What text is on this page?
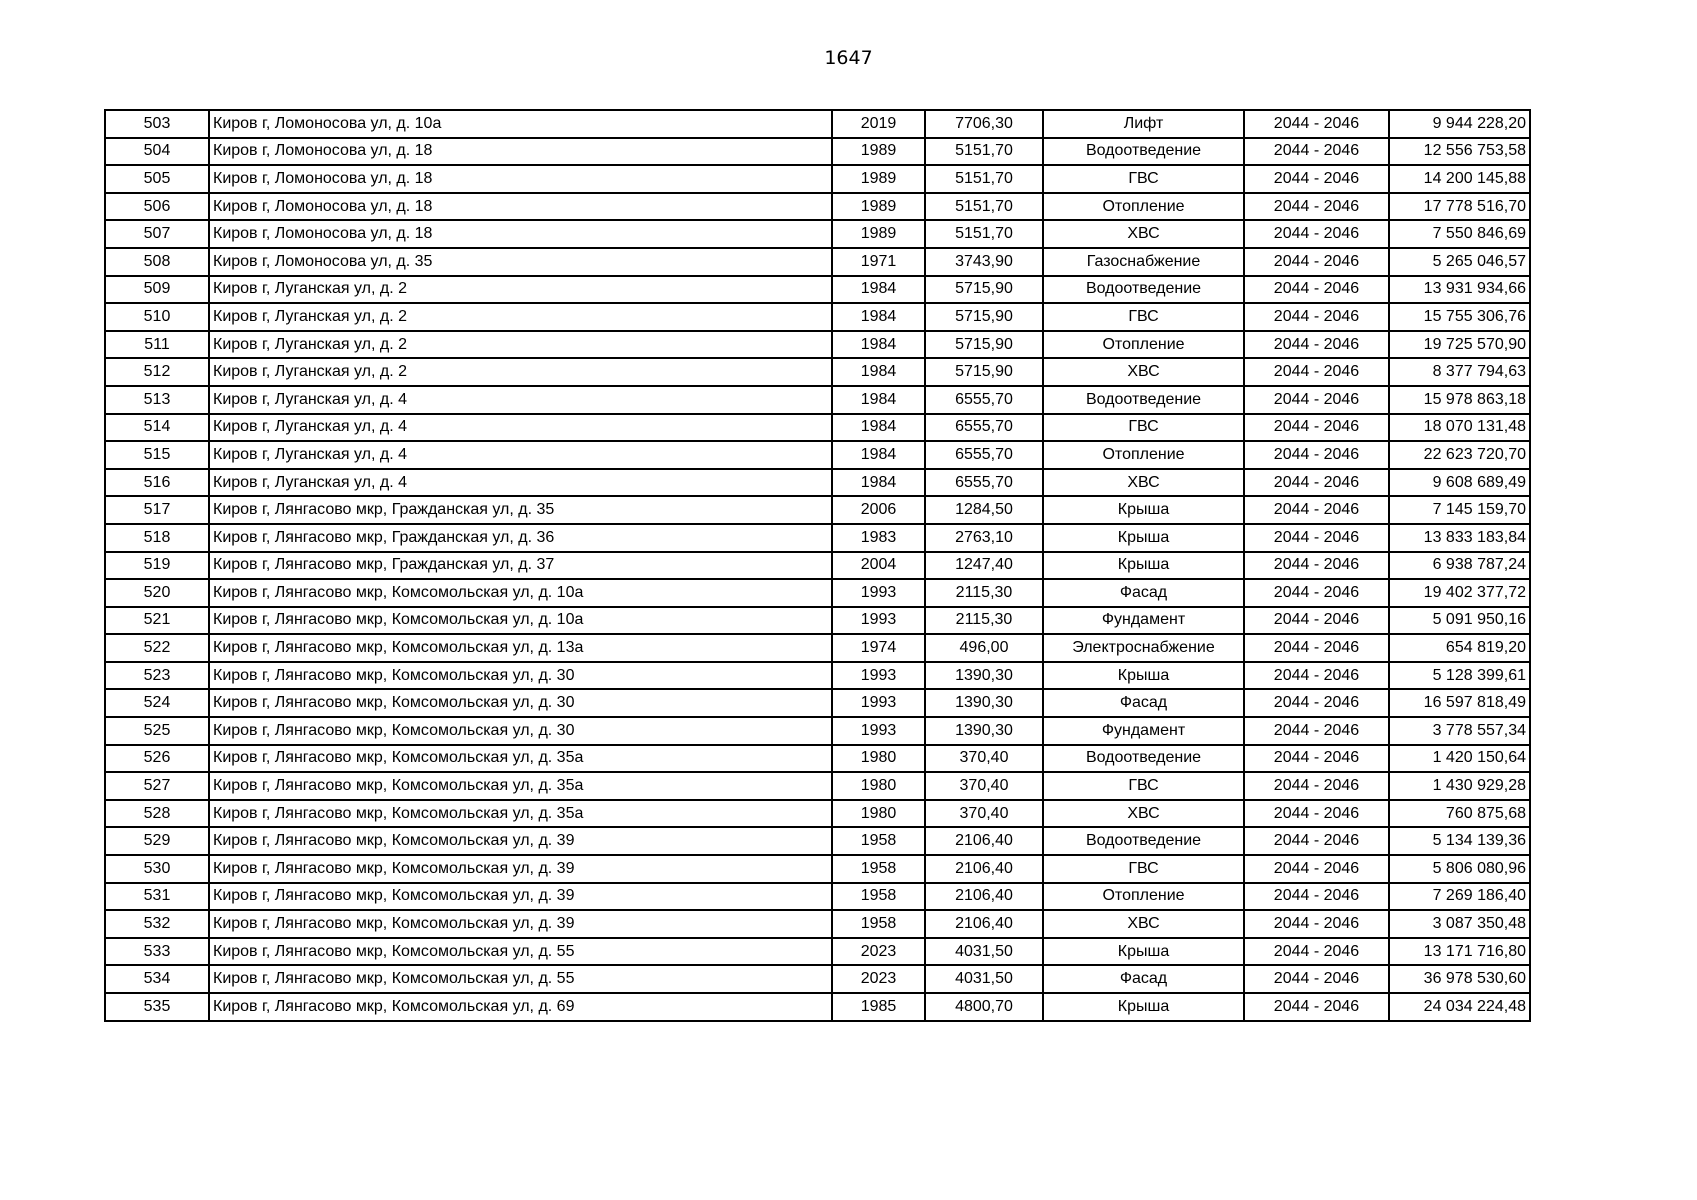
1647
503	Киров г, Ломоносова ул, д. 10а	2019	7706,30	Лифт	2044 - 2046	9 944 228,20
504	Киров г, Ломоносова ул, д. 18	1989	5151,70	Водоотведение	2044 - 2046	12 556 753,58
505	Киров г, Ломоносова ул, д. 18	1989	5151,70	ГВС	2044 - 2046	14 200 145,88
506	Киров г, Ломоносова ул, д. 18	1989	5151,70	Отопление	2044 - 2046	17 778 516,70
507	Киров г, Ломоносова ул, д. 18	1989	5151,70	ХВС	2044 - 2046	7 550 846,69
508	Киров г, Ломоносова ул, д. 35	1971	3743,90	Газоснабжение	2044 - 2046	5 265 046,57
509	Киров г, Луганская ул, д. 2	1984	5715,90	Водоотведение	2044 - 2046	13 931 934,66
510	Киров г, Луганская ул, д. 2	1984	5715,90	ГВС	2044 - 2046	15 755 306,76
511	Киров г, Луганская ул, д. 2	1984	5715,90	Отопление	2044 - 2046	19 725 570,90
512	Киров г, Луганская ул, д. 2	1984	5715,90	ХВС	2044 - 2046	8 377 794,63
513	Киров г, Луганская ул, д. 4	1984	6555,70	Водоотведение	2044 - 2046	15 978 863,18
514	Киров г, Луганская ул, д. 4	1984	6555,70	ГВС	2044 - 2046	18 070 131,48
515	Киров г, Луганская ул, д. 4	1984	6555,70	Отопление	2044 - 2046	22 623 720,70
516	Киров г, Луганская ул, д. 4	1984	6555,70	ХВС	2044 - 2046	9 608 689,49
517	Киров г, Лянгасово мкр, Гражданская ул, д. 35	2006	1284,50	Крыша	2044 - 2046	7 145 159,70
518	Киров г, Лянгасово мкр, Гражданская ул, д. 36	1983	2763,10	Крыша	2044 - 2046	13 833 183,84
519	Киров г, Лянгасово мкр, Гражданская ул, д. 37	2004	1247,40	Крыша	2044 - 2046	6 938 787,24
520	Киров г, Лянгасово мкр, Комсомольская ул, д. 10а	1993	2115,30	Фасад	2044 - 2046	19 402 377,72
521	Киров г, Лянгасово мкр, Комсомольская ул, д. 10а	1993	2115,30	Фундамент	2044 - 2046	5 091 950,16
522	Киров г, Лянгасово мкр, Комсомольская ул, д. 13а	1974	496,00	Электроснабжение	2044 - 2046	654 819,20
523	Киров г, Лянгасово мкр, Комсомольская ул, д. 30	1993	1390,30	Крыша	2044 - 2046	5 128 399,61
524	Киров г, Лянгасово мкр, Комсомольская ул, д. 30	1993	1390,30	Фасад	2044 - 2046	16 597 818,49
525	Киров г, Лянгасово мкр, Комсомольская ул, д. 30	1993	1390,30	Фундамент	2044 - 2046	3 778 557,34
526	Киров г, Лянгасово мкр, Комсомольская ул, д. 35а	1980	370,40	Водоотведение	2044 - 2046	1 420 150,64
527	Киров г, Лянгасово мкр, Комсомольская ул, д. 35а	1980	370,40	ГВС	2044 - 2046	1 430 929,28
528	Киров г, Лянгасово мкр, Комсомольская ул, д. 35а	1980	370,40	ХВС	2044 - 2046	760 875,68
529	Киров г, Лянгасово мкр, Комсомольская ул, д. 39	1958	2106,40	Водоотведение	2044 - 2046	5 134 139,36
530	Киров г, Лянгасово мкр, Комсомольская ул, д. 39	1958	2106,40	ГВС	2044 - 2046	5 806 080,96
531	Киров г, Лянгасово мкр, Комсомольская ул, д. 39	1958	2106,40	Отопление	2044 - 2046	7 269 186,40
532	Киров г, Лянгасово мкр, Комсомольская ул, д. 39	1958	2106,40	ХВС	2044 - 2046	3 087 350,48
533	Киров г, Лянгасово мкр, Комсомольская ул, д. 55	2023	4031,50	Крыша	2044 - 2046	13 171 716,80
534	Киров г, Лянгасово мкр, Комсомольская ул, д. 55	2023	4031,50	Фасад	2044 - 2046	36 978 530,60
535	Киров г, Лянгасово мкр, Комсомольская ул, д. 69	1985	4800,70	Крыша	2044 - 2046	24 034 224,48
